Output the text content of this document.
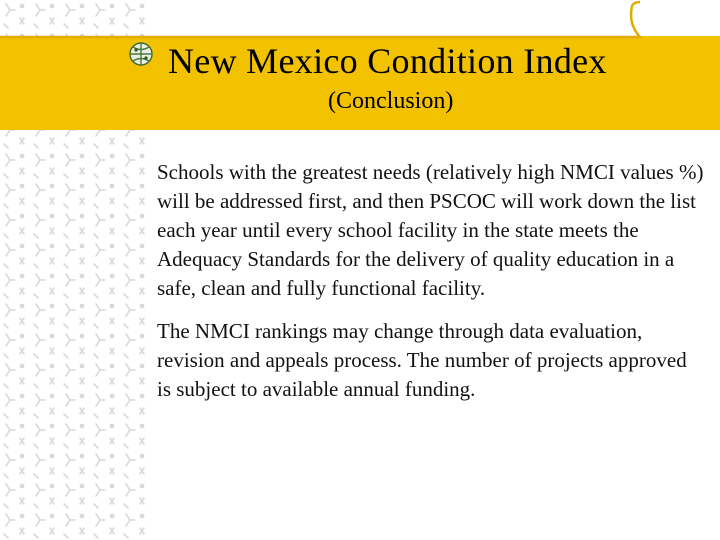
New Mexico Condition Index
(Conclusion)

Schools with the greatest needs (relatively high NMCI values %) will be addressed first, and then PSCOC will work down the list each year until every school facility in the state meets the Adequacy Standards for the delivery of quality education in a safe, clean and fully functional facility.

The NMCI rankings may change through data evaluation, revision and appeals process. The number of projects approved is subject to available annual funding.
